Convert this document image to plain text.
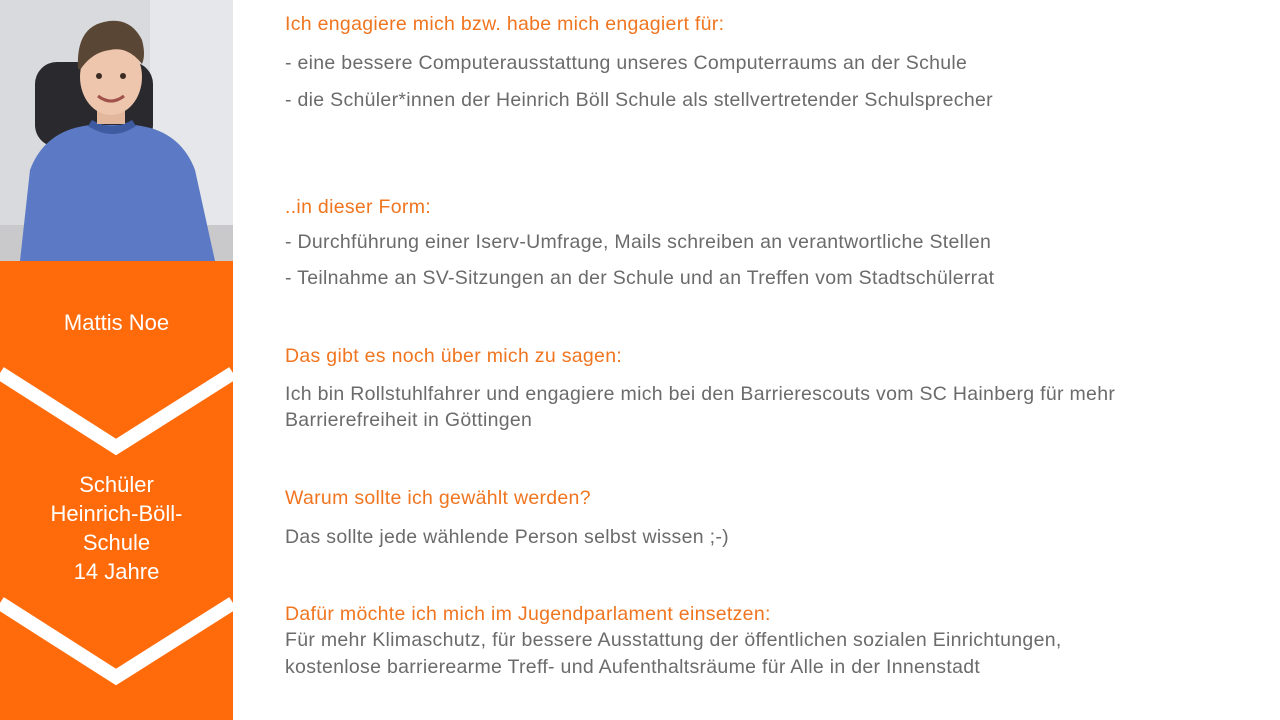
Mattis Noe
Schüler
Heinrich-Böll-
Schule
14 Jahre
Ich engagiere mich bzw. habe mich engagiert für:
- eine bessere Computerausstattung unseres Computerraums an der Schule
- die Schüler*innen der Heinrich Böll Schule als stellvertretender Schulsprecher
..in dieser Form:
- Durchführung einer Iserv-Umfrage, Mails schreiben an verantwortliche Stellen
- Teilnahme an SV-Sitzungen an der Schule und an Treffen vom Stadtschülerrat
Das gibt es noch über mich zu sagen:
Ich bin Rollstuhlfahrer und engagiere mich bei den Barrierescouts vom SC Hainberg für mehr Barrierefreiheit in Göttingen
Warum sollte ich gewählt werden?
Das sollte jede wählende Person selbst wissen ;-)
Dafür möchte ich mich im Jugendparlament einsetzen:
Für mehr Klimaschutz, für bessere Ausstattung der öffentlichen sozialen Einrichtungen,
kostenlose barrierearme Treff- und Aufenthaltsräume für Alle in der Innenstadt
